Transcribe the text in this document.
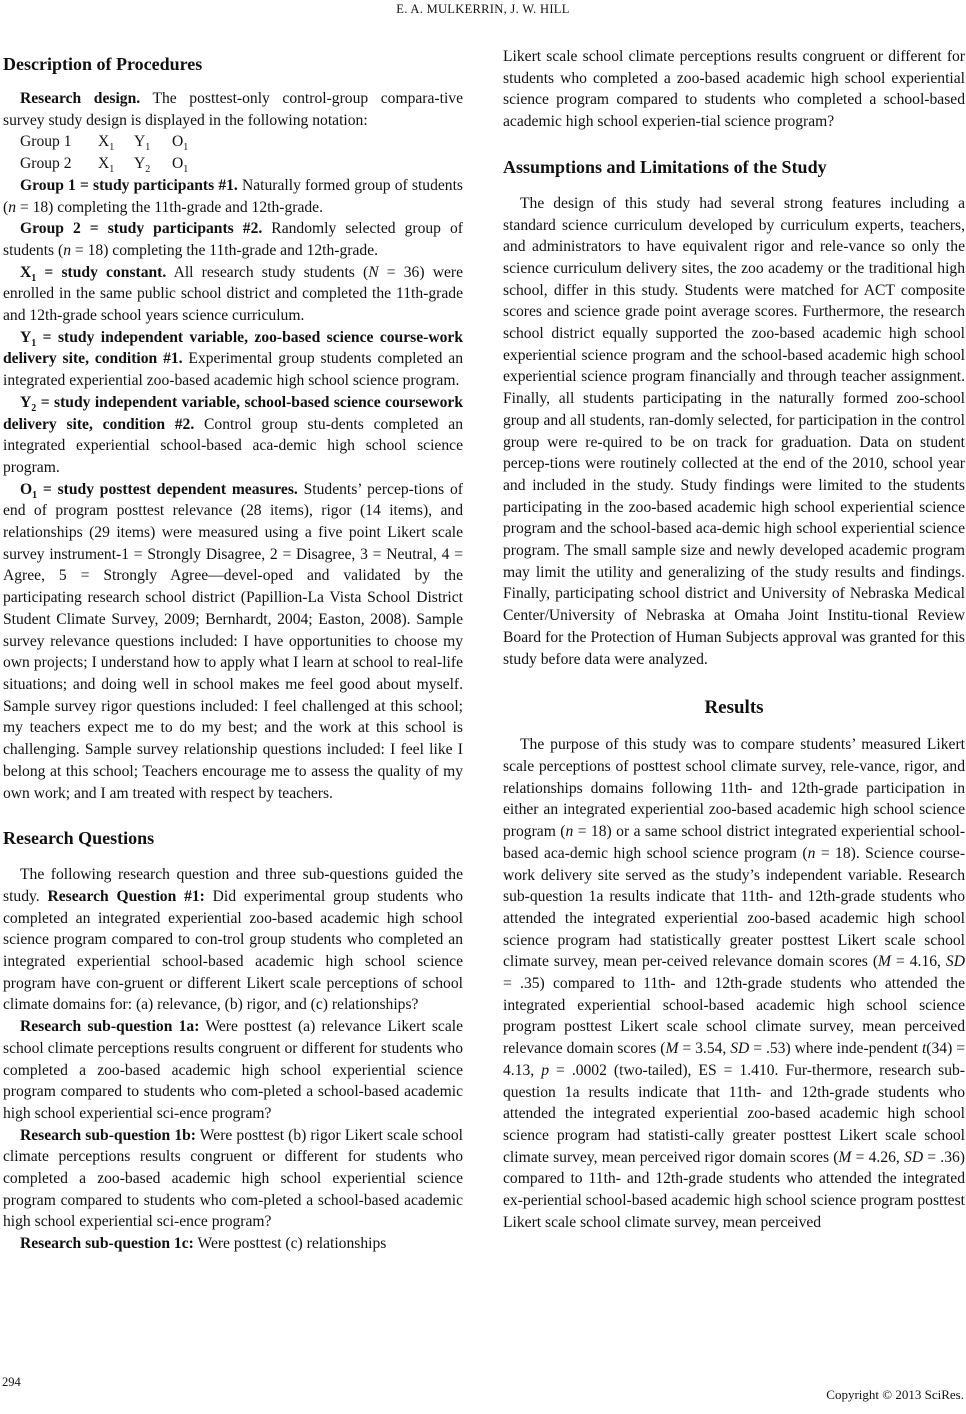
E. A. MULKERRIN, J. W. HILL
Description of Procedures

Research design. The posttest-only control-group compara-tive survey study design is displayed in the following notation:

Group 1 $X_1$ $Y_1$ $O_1$
Group 2 $X_1$ $Y_2$ $O_1$

Group 1 = study participants #1. Naturally formed group of students (n = 18) completing the 11th-grade and 12th-grade.

Group 2 = study participants #2. Randomly selected group of students (n = 18) completing the 11th-grade and 12th-grade.

$X_1$ = study constant. All research study students (N = 36) were enrolled in the same public school district and completed the 11th-grade and 12th-grade school years science curriculum.

$Y_1$ = study independent variable, zoo-based science course-work delivery site, condition #1. Experimental group students completed an integrated experiential zoo-based academic high school science program.

$Y_2$ = study independent variable, school-based science coursework delivery site, condition #2. Control group stu-dents completed an integrated experiential school-based aca-demic high school science program.

$O_1$ = study posttest dependent measures. Students’ percep-tions of end of program posttest relevance (28 items), rigor (14 items), and relationships (29 items) were measured using a five point Likert scale survey instrument-1 = Strongly Disagree, 2 = Disagree, 3 = Neutral, 4 = Agree, 5 = Strongly Agree—devel-oped and validated by the participating research school district (Papillion-La Vista School District Student Climate Survey, 2009; Bernhardt, 2004; Easton, 2008). Sample survey relevance questions included: I have opportunities to choose my own projects; I understand how to apply what I learn at school to real-life situations; and doing well in school makes me feel good about myself. Sample survey rigor questions included: I feel challenged at this school; my teachers expect me to do my best; and the work at this school is challenging. Sample survey relationship questions included: I feel like I belong at this school; Teachers encourage me to assess the quality of my own work; and I am treated with respect by teachers.

Research Questions

The following research question and three sub-questions guided the study. Research Question #1: Did experimental group students who completed an integrated experiential zoo-based academic high school science program compared to con-trol group students who completed an integrated experiential school-based academic high school science program have con-gruent or different Likert scale perceptions of school climate domains for: (a) relevance, (b) rigor, and (c) relationships?

Research sub-question 1a: Were posttest (a) relevance Likert scale school climate perceptions results congruent or different for students who completed a zoo-based academic high school experiential science program compared to students who com-pleted a school-based academic high school experiential sci-ence program?

Research sub-question 1b: Were posttest (b) rigor Likert scale school climate perceptions results congruent or different for students who completed a zoo-based academic high school experiential science program compared to students who com-pleted a school-based academic high school experiential sci-ence program?

Research sub-question 1c: Were posttest (c) relationships

Likert scale school climate perceptions results congruent or different for students who completed a zoo-based academic high school experiential science program compared to students who completed a school-based academic high school experien-tial science program?

Assumptions and Limitations of the Study

The design of this study had several strong features including a standard science curriculum developed by curriculum experts, teachers, and administrators to have equivalent rigor and rele-vance so only the science curriculum delivery sites, the zoo academy or the traditional high school, differ in this study. Students were matched for ACT composite scores and science grade point average scores. Furthermore, the research school district equally supported the zoo-based academic high school experiential science program and the school-based academic high school experiential science program financially and through teacher assignment. Finally, all students participating in the naturally formed zoo-school group and all students, ran-domly selected, for participation in the control group were re-quired to be on track for graduation. Data on student percep-tions were routinely collected at the end of the 2010, school year and included in the study. Study findings were limited to the students participating in the zoo-based academic high school experiential science program and the school-based aca-demic high school experiential science program. The small sample size and newly developed academic program may limit the utility and generalizing of the study results and findings. Finally, participating school district and University of Nebraska Medical Center/University of Nebraska at Omaha Joint Institu-tional Review Board for the Protection of Human Subjects approval was granted for this study before data were analyzed.

Results

The purpose of this study was to compare students’ measured Likert scale perceptions of posttest school climate survey, rele-vance, rigor, and relationships domains following 11th- and 12th-grade participation in either an integrated experiential zoo-based academic high school science program (n = 18) or a same school district integrated experiential school-based aca-demic high school science program (n = 18). Science course-work delivery site served as the study’s independent variable. Research sub-question 1a results indicate that 11th- and 12th-grade students who attended the integrated experiential zoo-based academic high school science program had statistically greater posttest Likert scale school climate survey, mean per-ceived relevance domain scores (M = 4.16, SD = .35) compared to 11th- and 12th-grade students who attended the integrated experiential school-based academic high school science program posttest Likert scale school climate survey, mean perceived relevance domain scores (M = 3.54, SD = .53) where inde-pendent t(34) = 4.13, p = .0002 (two-tailed), ES = 1.410. Fur-thermore, research sub-question 1a results indicate that 11th- and 12th-grade students who attended the integrated experiential zoo-based academic high school science program had statisti-cally greater posttest Likert scale school climate survey, mean perceived rigor domain scores (M = 4.26, SD = .36) compared to 11th- and 12th-grade students who attended the integrated ex-periential school-based academic high school science program posttest Likert scale school climate survey, mean perceived

294
Copyright © 2013 SciRes.
